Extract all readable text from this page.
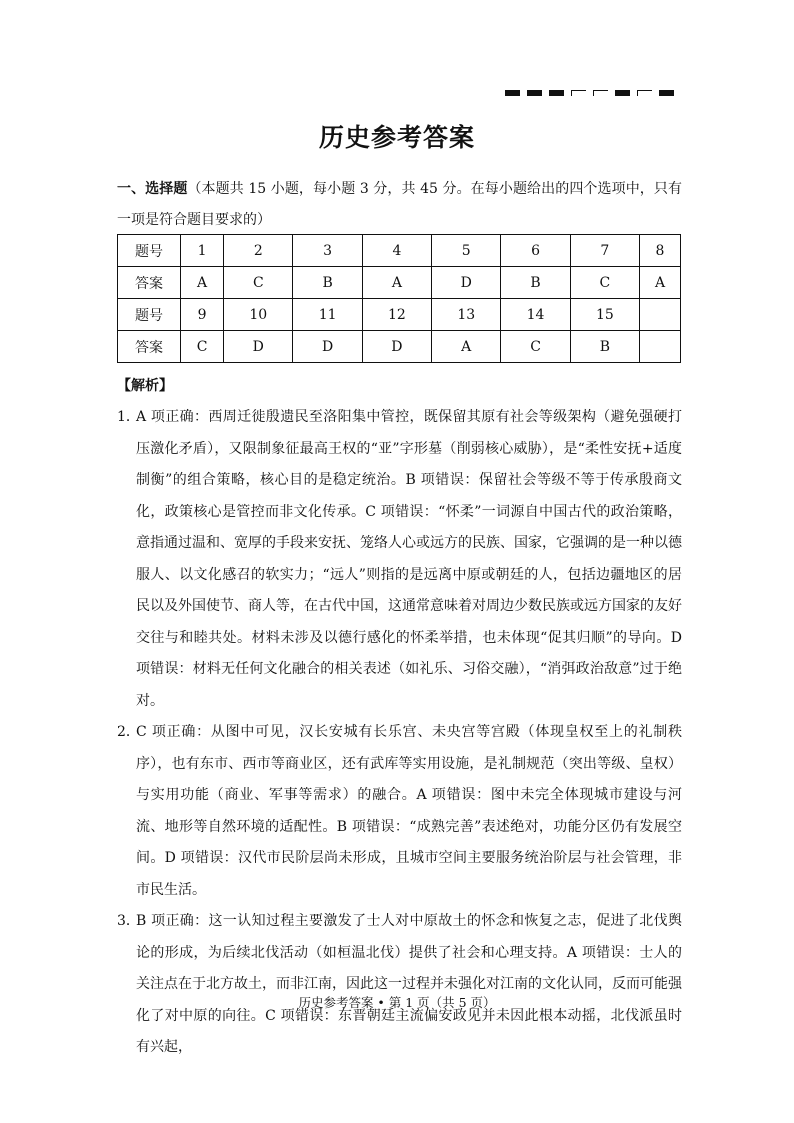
历史参考答案
一、选择题（本题共 15 小题，每小题 3 分，共 45 分。在每小题给出的四个选项中，只有一项是符合题目要求的）
题号	1	2	3	4	5	6	7	8
答案	A	C	B	A	D	B	C	A
题号	9	10	11	12	13	14	15	
答案	C	D	D	D	A	C	B	
【解析】
1．
A 项正确：西周迁徙殷遗民至洛阳集中管控，既保留其原有社会等级架构（避免强硬打压激化矛盾），又限制象征最高王权的“亚”字形墓（削弱核心威胁），是“柔性安抚+适度制衡”的组合策略，核心目的是稳定统治。B 项错误：保留社会等级不等于传承殷商文化，政策核心是管控而非文化传承。C 项错误：“怀柔”一词源自中国古代的政治策略，意指通过温和、宽厚的手段来安抚、笼络人心或远方的民族、国家，它强调的是一种以德服人、以文化感召的软实力；“远人”则指的是远离中原或朝廷的人，包括边疆地区的居民以及外国使节、商人等，在古代中国，这通常意味着对周边少数民族或远方国家的友好交往与和睦共处。材料未涉及以德行感化的怀柔举措，也未体现“促其归顺”的导向。D 项错误：材料无任何文化融合的相关表述（如礼乐、习俗交融），“消弭政治敌意”过于绝对。
2．
C 项正确：从图中可见，汉长安城有长乐宫、未央宫等宫殿（体现皇权至上的礼制秩序），也有东市、西市等商业区，还有武库等实用设施，是礼制规范（突出等级、皇权）与实用功能（商业、军事等需求）的融合。A 项错误：图中未完全体现城市建设与河流、地形等自然环境的适配性。B 项错误：“成熟完善”表述绝对，功能分区仍有发展空间。D 项错误：汉代市民阶层尚未形成，且城市空间主要服务统治阶层与社会管理，非市民生活。
3．
B 项正确：这一认知过程主要激发了士人对中原故土的怀念和恢复之志，促进了北伐舆论的形成，为后续北伐活动（如桓温北伐）提供了社会和心理支持。A 项错误：士人的关注点在于北方故土，而非江南，因此这一过程并未强化对江南的文化认同，反而可能强化了对中原的向往。C 项错误：东晋朝廷主流偏安政见并未因此根本动摇，北伐派虽时有兴起，
历史参考答案 • 第 1 页（共 5 页）
